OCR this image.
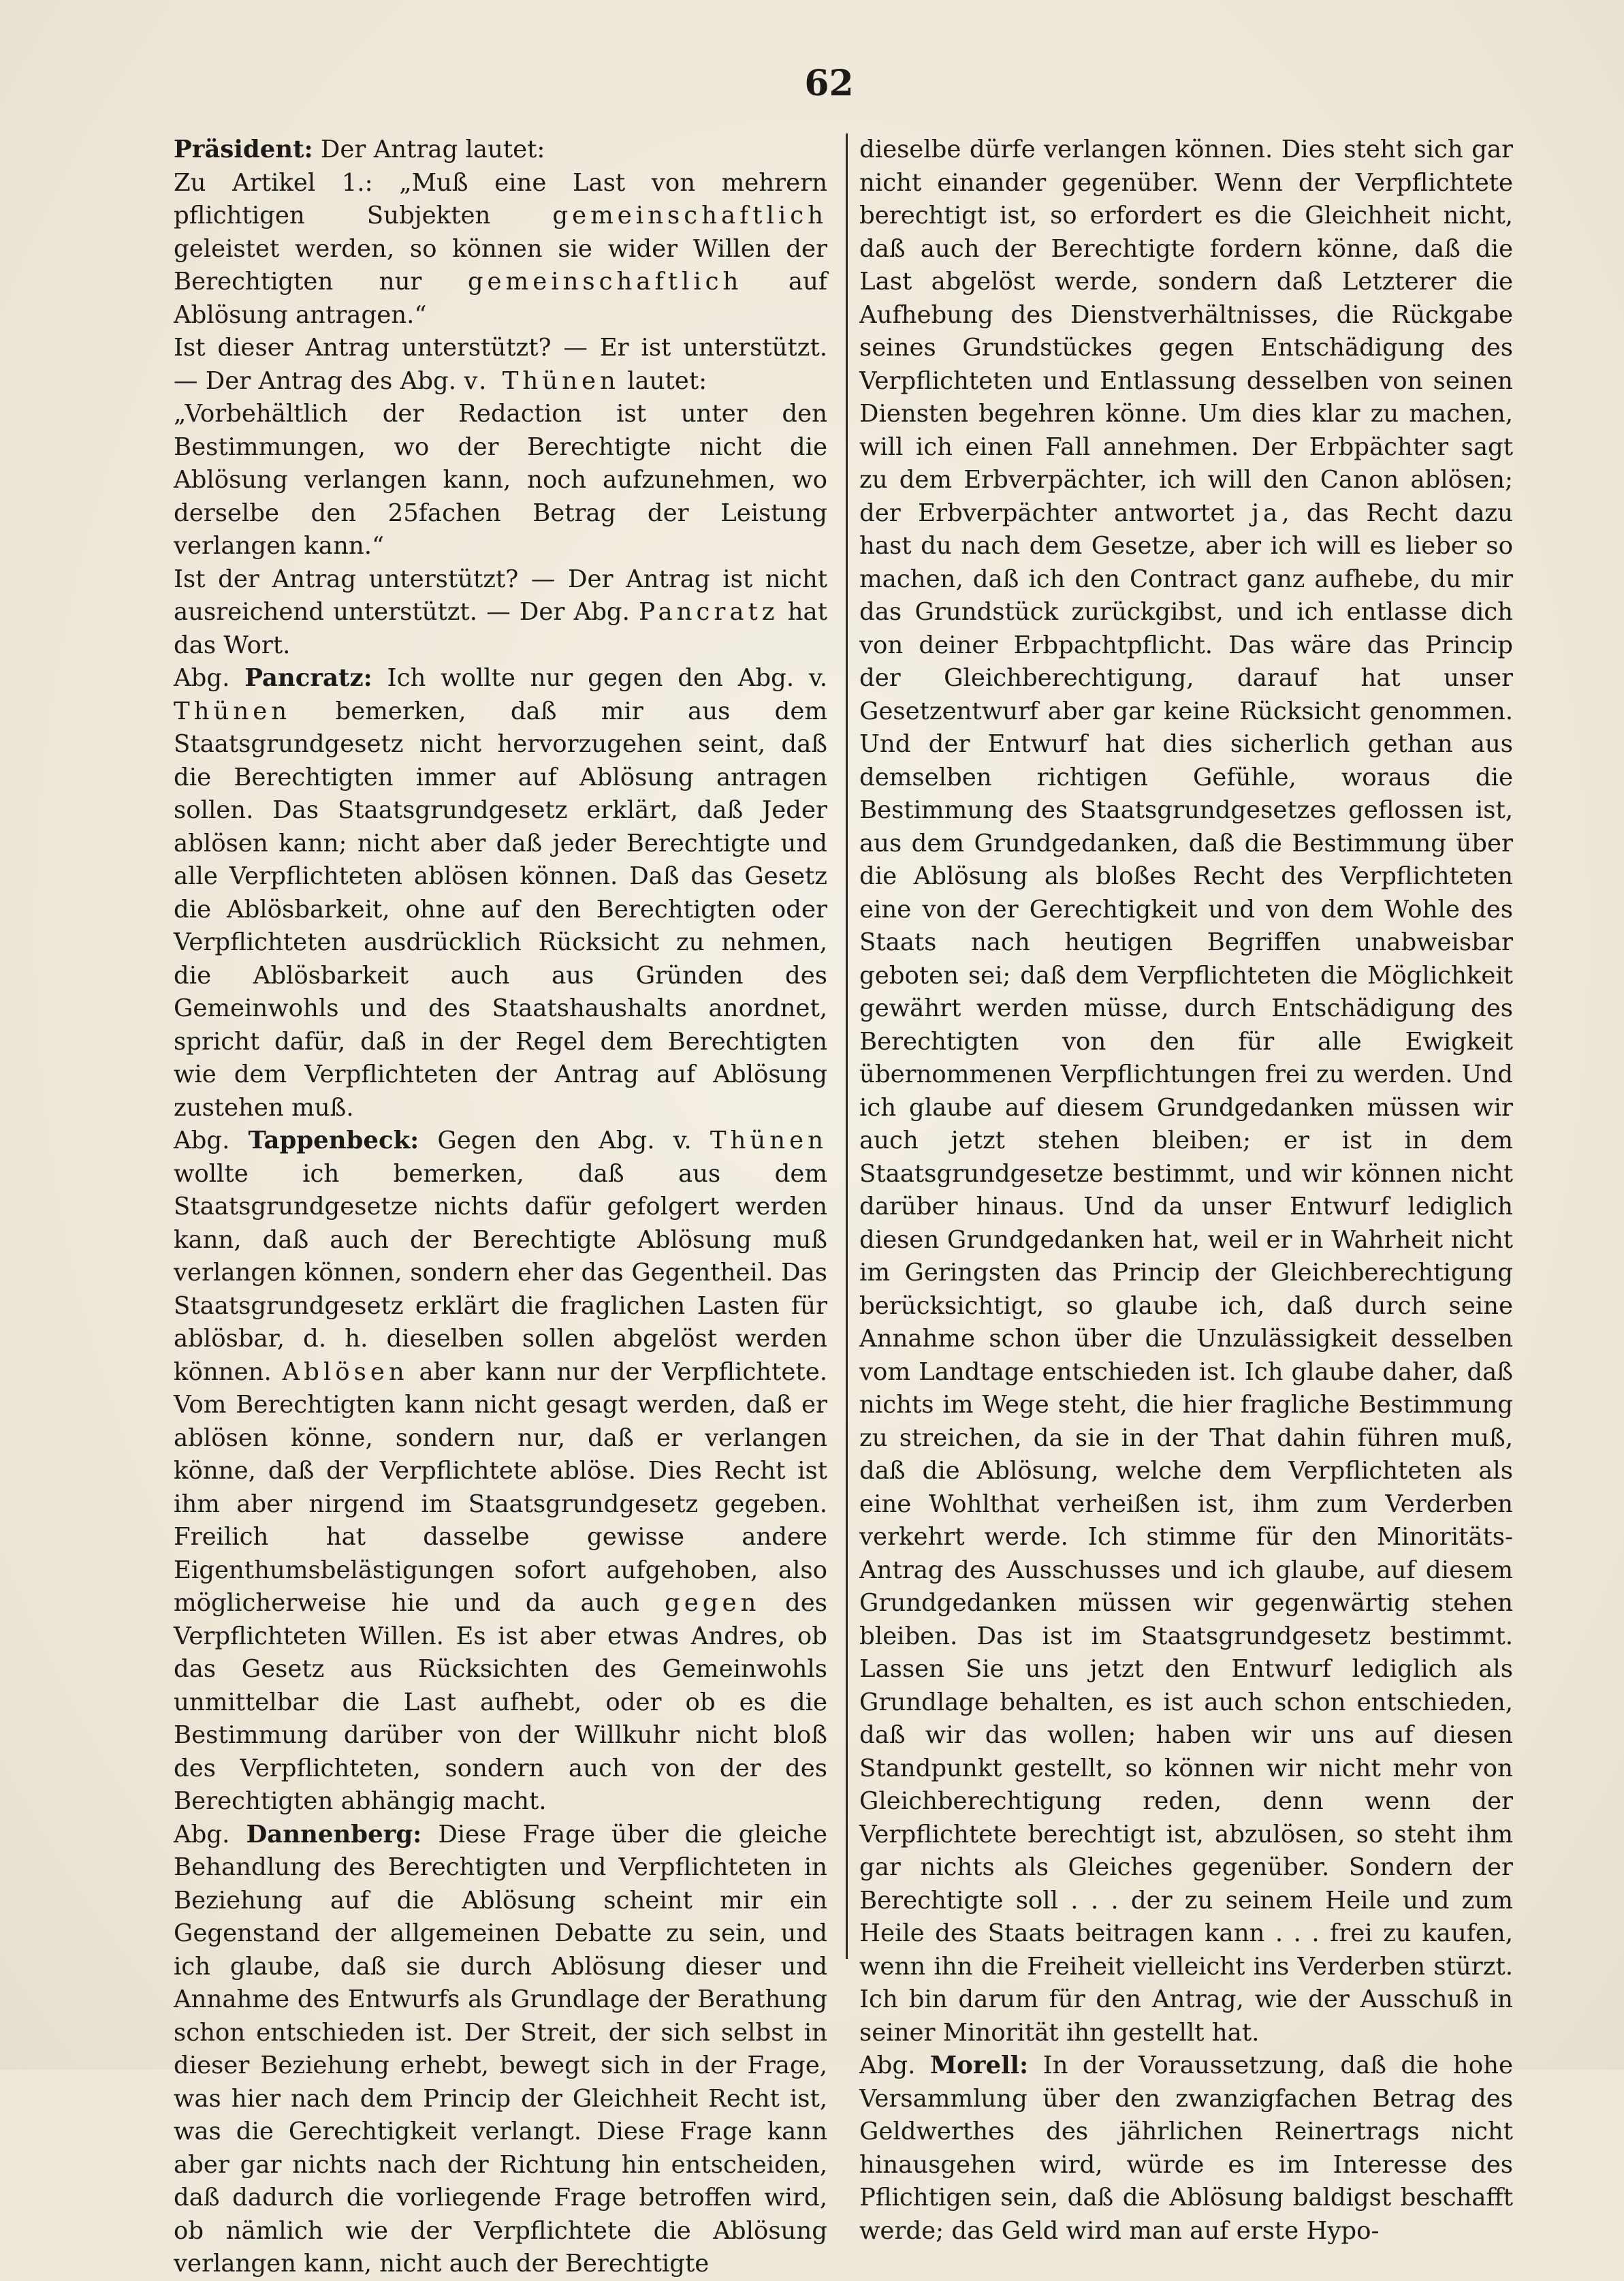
62

Präsident: Der Antrag lautet:

Zu Artikel 1.: „Muß eine Last von mehrern pflichtigen Subjekten gemeinschaftlich geleistet werden, so können sie wider Willen der Berechtigten nur gemeinschaftlich auf Ablösung antragen.“

Ist dieser Antrag unterstützt? — Er ist unterstützt. — Der Antrag des Abg. v. Thünen lautet:

„Vorbehältlich der Redaction ist unter den Bestimmungen, wo der Berechtigte nicht die Ablösung verlangen kann, noch aufzunehmen, wo derselbe den 25fachen Betrag der Leistung verlangen kann.“

Ist der Antrag unterstützt? — Der Antrag ist nicht ausreichend unterstützt. — Der Abg. Pancratz hat das Wort.

Abg. Pancratz: Ich wollte nur gegen den Abg. v. Thünen bemerken, daß mir aus dem Staatsgrundgesetz nicht hervorzugehen seint, daß die Berechtigten immer auf Ablösung antragen sollen. Das Staatsgrundgesetz erklärt, daß Jeder ablösen kann; nicht aber daß jeder Berechtigte und alle Verpflichteten ablösen können. Daß das Gesetz die Ablösbarkeit, ohne auf den Berechtigten oder Verpflichteten ausdrücklich Rücksicht zu nehmen, die Ablösbarkeit auch aus Gründen des Gemeinwohls und des Staatshaushalts anordnet, spricht dafür, daß in der Regel dem Berechtigten wie dem Verpflichteten der Antrag auf Ablösung zustehen muß.

Abg. Tappenbeck: Gegen den Abg. v. Thünen wollte ich bemerken, daß aus dem Staatsgrundgesetze nichts dafür gefolgert werden kann, daß auch der Berechtigte Ablösung muß verlangen können, sondern eher das Gegentheil. Das Staatsgrundgesetz erklärt die fraglichen Lasten für ablösbar, d. h. dieselben sollen abgelöst werden können. Ablösen aber kann nur der Verpflichtete. Vom Berechtigten kann nicht gesagt werden, daß er ablösen könne, sondern nur, daß er verlangen könne, daß der Verpflichtete ablöse. Dies Recht ist ihm aber nirgend im Staatsgrundgesetz gegeben. Freilich hat dasselbe gewisse andere Eigenthumsbelästigungen sofort aufgehoben, also möglicherweise hie und da auch gegen des Verpflichteten Willen. Es ist aber etwas Andres, ob das Gesetz aus Rücksichten des Gemeinwohls unmittelbar die Last aufhebt, oder ob es die Bestimmung darüber von der Willkuhr nicht bloß des Verpflichteten, sondern auch von der des Berechtigten abhängig macht.

Abg. Dannenberg: Diese Frage über die gleiche Behandlung des Berechtigten und Verpflichteten in Beziehung auf die Ablösung scheint mir ein Gegenstand der allgemeinen Debatte zu sein, und ich glaube, daß sie durch Ablösung dieser und Annahme des Entwurfs als Grundlage der Berathung schon entschieden ist. Der Streit, der sich selbst in dieser Beziehung erhebt, bewegt sich in der Frage, was hier nach dem Princip der Gleichheit Recht ist, was die Gerechtigkeit verlangt. Diese Frage kann aber gar nichts nach der Richtung hin entscheiden, daß dadurch die vorliegende Frage betroffen wird, ob nämlich wie der Verpflichtete die Ablösung verlangen kann, nicht auch der Berechtigte

dieselbe dürfe verlangen können. Dies steht sich gar nicht einander gegenüber. Wenn der Verpflichtete berechtigt ist, so erfordert es die Gleichheit nicht, daß auch der Berechtigte fordern könne, daß die Last abgelöst werde, sondern daß Letzterer die Aufhebung des Dienstverhältnisses, die Rückgabe seines Grundstückes gegen Entschädigung des Verpflichteten und Entlassung desselben von seinen Diensten begehren könne. Um dies klar zu machen, will ich einen Fall annehmen. Der Erbpächter sagt zu dem Erbverpächter, ich will den Canon ablösen; der Erbverpächter antwortet ja, das Recht dazu hast du nach dem Gesetze, aber ich will es lieber so machen, daß ich den Contract ganz aufhebe, du mir das Grundstück zurückgibst, und ich entlasse dich von deiner Erbpachtpflicht. Das wäre das Princip der Gleichberechtigung, darauf hat unser Gesetzentwurf aber gar keine Rücksicht genommen. Und der Entwurf hat dies sicherlich gethan aus demselben richtigen Gefühle, woraus die Bestimmung des Staatsgrundgesetzes geflossen ist, aus dem Grundgedanken, daß die Bestimmung über die Ablösung als bloßes Recht des Verpflichteten eine von der Gerechtigkeit und von dem Wohle des Staats nach heutigen Begriffen unabweisbar geboten sei; daß dem Verpflichteten die Möglichkeit gewährt werden müsse, durch Entschädigung des Berechtigten von den für alle Ewigkeit übernommenen Verpflichtungen frei zu werden. Und ich glaube auf diesem Grundgedanken müssen wir auch jetzt stehen bleiben; er ist in dem Staatsgrundgesetze bestimmt, und wir können nicht darüber hinaus. Und da unser Entwurf lediglich diesen Grundgedanken hat, weil er in Wahrheit nicht im Geringsten das Princip der Gleichberechtigung berücksichtigt, so glaube ich, daß durch seine Annahme schon über die Unzulässigkeit desselben vom Landtage entschieden ist. Ich glaube daher, daß nichts im Wege steht, die hier fragliche Bestimmung zu streichen, da sie in der That dahin führen muß, daß die Ablösung, welche dem Verpflichteten als eine Wohlthat verheißen ist, ihm zum Verderben verkehrt werde. Ich stimme für den Minoritäts-Antrag des Ausschusses und ich glaube, auf diesem Grundgedanken müssen wir gegenwärtig stehen bleiben. Das ist im Staatsgrundgesetz bestimmt. Lassen Sie uns jetzt den Entwurf lediglich als Grundlage behalten, es ist auch schon entschieden, daß wir das wollen; haben wir uns auf diesen Standpunkt gestellt, so können wir nicht mehr von Gleichberechtigung reden, denn wenn der Verpflichtete berechtigt ist, abzulösen, so steht ihm gar nichts als Gleiches gegenüber. Sondern der Berechtigte soll . . . der zu seinem Heile und zum Heile des Staats beitragen kann . . . frei zu kaufen, wenn ihn die Freiheit vielleicht ins Verderben stürzt. Ich bin darum für den Antrag, wie der Ausschuß in seiner Minorität ihn gestellt hat.

Abg. Morell: In der Voraussetzung, daß die hohe Versammlung über den zwanzigfachen Betrag des Geldwerthes des jährlichen Reinertrags nicht hinausgehen wird, würde es im Interesse des Pflichtigen sein, daß die Ablösung baldigst beschafft werde; das Geld wird man auf erste Hypo-
